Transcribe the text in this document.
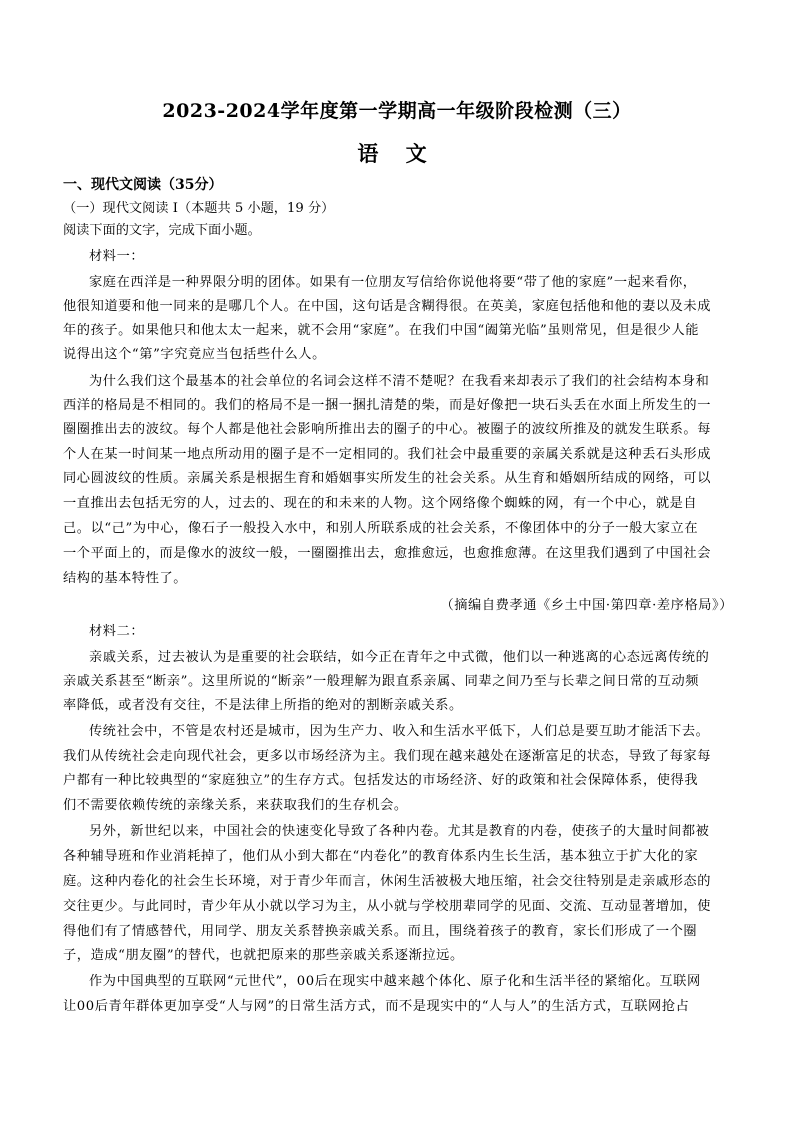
2023-2024学年度第一学期高一年级阶段检测（三）
语 文
一、现代文阅读（35分）
（一）现代文阅读 I（本题共 5 小题，19 分）
阅读下面的文字，完成下面小题。
材料一：
家庭在西洋是一种界限分明的团体。如果有一位朋友写信给你说他将要“带了他的家庭”一起来看你，
他很知道要和他一同来的是哪几个人。在中国，这句话是含糊得很。在英美，家庭包括他和他的妻以及未成
年的孩子。如果他只和他太太一起来，就不会用“家庭”。在我们中国“阖第光临”虽则常见，但是很少人能
说得出这个“第”字究竟应当包括些什么人。
为什么我们这个最基本的社会单位的名词会这样不清不楚呢？在我看来却表示了我们的社会结构本身和
西洋的格局是不相同的。我们的格局不是一捆一捆扎清楚的柴，而是好像把一块石头丢在水面上所发生的一
圈圈推出去的波纹。每个人都是他社会影响所推出去的圈子的中心。被圈子的波纹所推及的就发生联系。每
个人在某一时间某一地点所动用的圈子是不一定相同的。我们社会中最重要的亲属关系就是这种丢石头形成
同心圆波纹的性质。亲属关系是根据生育和婚姻事实所发生的社会关系。从生育和婚姻所结成的网络，可以
一直推出去包括无穷的人，过去的、现在的和未来的人物。这个网络像个蜘蛛的网，有一个中心，就是自
己。以“己”为中心，像石子一般投入水中，和别人所联系成的社会关系，不像团体中的分子一般大家立在
一个平面上的，而是像水的波纹一般，一圈圈推出去，愈推愈远，也愈推愈薄。在这里我们遇到了中国社会
结构的基本特性了。
（摘编自费孝通《乡土中国·第四章·差序格局》）
材料二：
亲戚关系，过去被认为是重要的社会联结，如今正在青年之中式微，他们以一种逃离的心态远离传统的
亲戚关系甚至“断亲”。这里所说的“断亲”一般理解为跟直系亲属、同辈之间乃至与长辈之间日常的互动频
率降低，或者没有交往，不是法律上所指的绝对的割断亲戚关系。
传统社会中，不管是农村还是城市，因为生产力、收入和生活水平低下，人们总是要互助才能活下去。
我们从传统社会走向现代社会，更多以市场经济为主。我们现在越来越处在逐渐富足的状态，导致了每家每
户都有一种比较典型的“家庭独立”的生存方式。包括发达的市场经济、好的政策和社会保障体系，使得我
们不需要依赖传统的亲缘关系，来获取我们的生存机会。
另外，新世纪以来，中国社会的快速变化导致了各种内卷。尤其是教育的内卷，使孩子的大量时间都被
各种辅导班和作业消耗掉了，他们从小到大都在“内卷化”的教育体系内生长生活，基本独立于扩大化的家
庭。这种内卷化的社会生长环境，对于青少年而言，休闲生活被极大地压缩，社会交往特别是走亲戚形态的
交往更少。与此同时，青少年从小就以学习为主，从小就与学校朋辈同学的见面、交流、互动显著增加，使
得他们有了情感替代，用同学、朋友关系替换亲戚关系。而且，围绕着孩子的教育，家长们形成了一个圈
子，造成“朋友圈”的替代，也就把原来的那些亲戚关系逐渐拉远。
作为中国典型的互联网“元世代”，00后在现实中越来越个体化、原子化和生活半径的紧缩化。互联网
让00后青年群体更加享受“人与网”的日常生活方式，而不是现实中的“人与人”的生活方式，互联网抢占
